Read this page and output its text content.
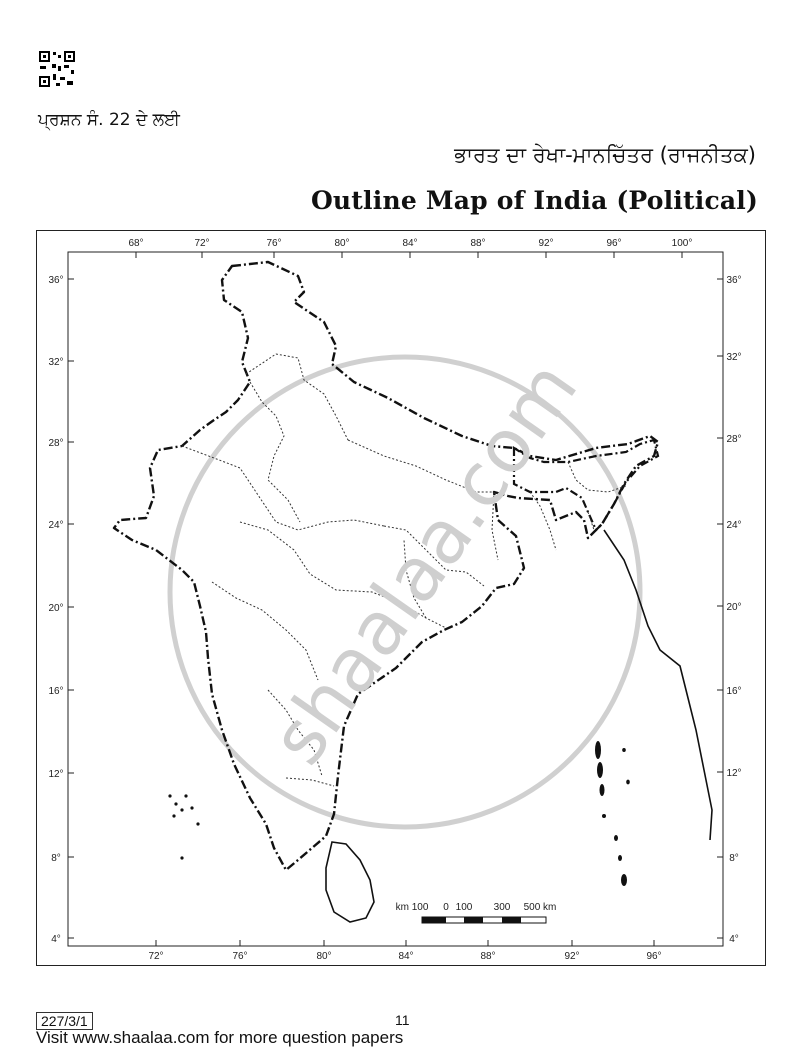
ਪ੍ਰਸ਼ਨ ਸੰ. 22 ਦੇ ਲਈ
ਭਾਰਤ ਦਾ ਰੇਖਾ-ਮਾਨਚਿੱਤਰ (ਰਾਜਨੀਤਕ)
Outline Map of India (Political)
68°	72°	76°	80°	84°	88°	92°	96°	100°
72°	76°	80°	84°	88°	92°	96°
36°
32°
28°
24°
20°
16°
12°
8°
4°
36°
32°
28°
24°
20°
16°
12°
8°
4°
km 100 0 100 300 500 km
shaalaa.com
227/3/1	11
Visit www.shaalaa.com for more question papers
